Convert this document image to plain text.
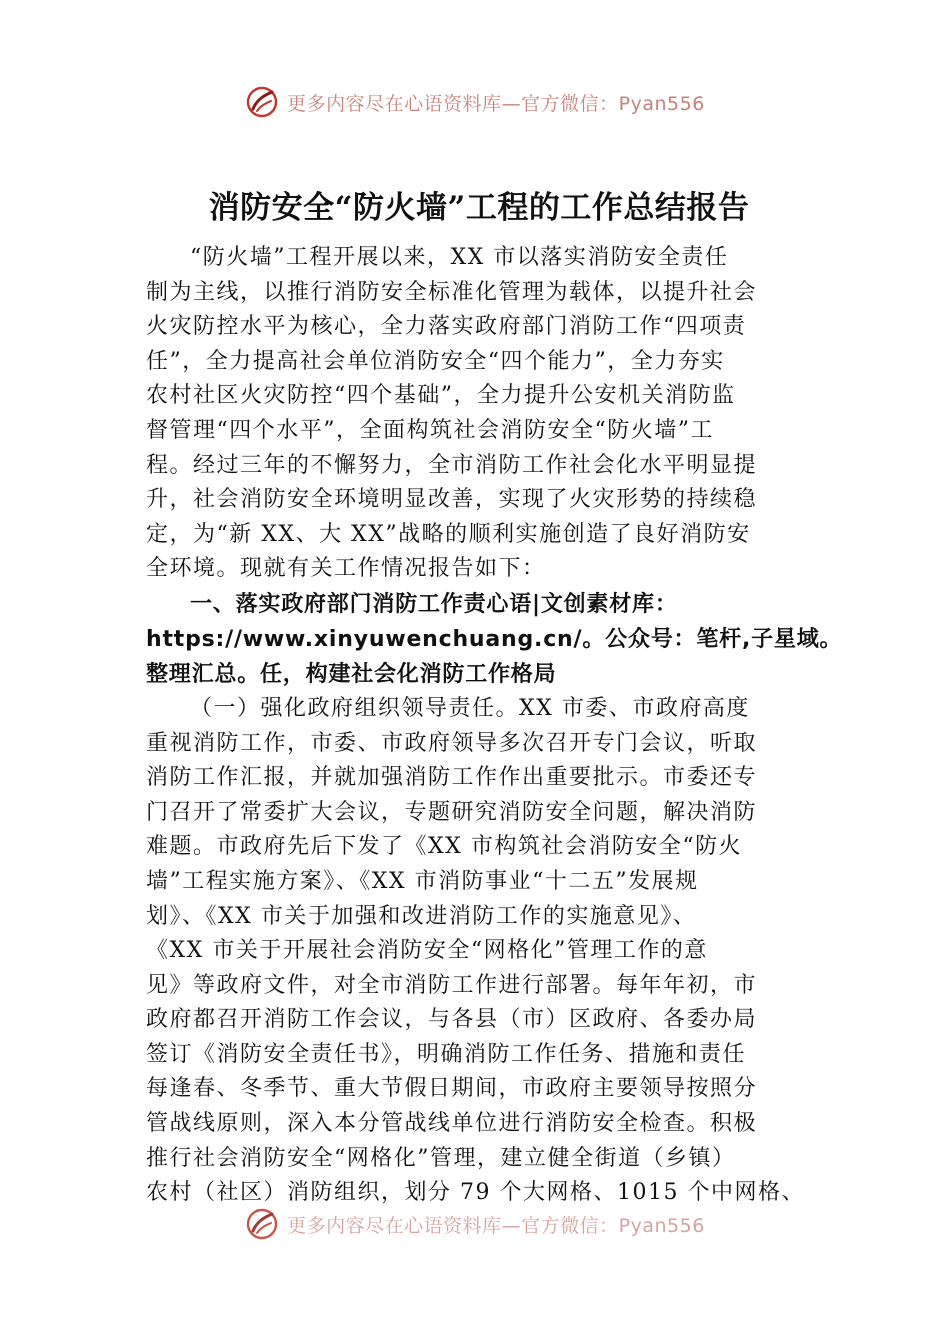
更多内容尽在心语资料库—官方微信：Pyan556
消防安全“防火墙”工程的工作总结报告

“防火墙”工程开展以来，XX 市以落实消防安全责任
制为主线，以推行消防安全标准化管理为载体，以提升社会
火灾防控水平为核心，全力落实政府部门消防工作“四项责
任”，全力提高社会单位消防安全“四个能力”，全力夯实
农村社区火灾防控“四个基础”，全力提升公安机关消防监
督管理“四个水平”，全面构筑社会消防安全“防火墙”工
程。经过三年的不懈努力，全市消防工作社会化水平明显提
升，社会消防安全环境明显改善，实现了火灾形势的持续稳
定，为“新 XX、大 XX”战略的顺利实施创造了良好消防安
全环境。现就有关工作情况报告如下：

一、落实政府部门消防工作责心语|文创素材库：
https://www.xinyuwenchuang.cn/。公众号：笔杆,子星域。
整理汇总。任，构建社会化消防工作格局

（一）强化政府组织领导责任。XX 市委、市政府高度
重视消防工作，市委、市政府领导多次召开专门会议，听取
消防工作汇报，并就加强消防工作作出重要批示。市委还专
门召开了常委扩大会议，专题研究消防安全问题，解决消防
难题。市政府先后下发了《XX 市构筑社会消防安全“防火
墙”工程实施方案》、《XX 市消防事业“十二五”发展规
划》、《XX 市关于加强和改进消防工作的实施意见》、
《XX 市关于开展社会消防安全“网格化”管理工作的意
见》等政府文件，对全市消防工作进行部署。每年年初，市
政府都召开消防工作会议，与各县（市）区政府、各委办局
签订《消防安全责任书》，明确消防工作任务、措施和责任
每逢春、冬季节、重大节假日期间，市政府主要领导按照分
管战线原则，深入本分管战线单位进行消防安全检查。积极
推行社会消防安全“网格化”管理，建立健全街道（乡镇）
农村（社区）消防组织，划分 79 个大网格、1015 个中网格、

更多内容尽在心语资料库—官方微信：Pyan556
